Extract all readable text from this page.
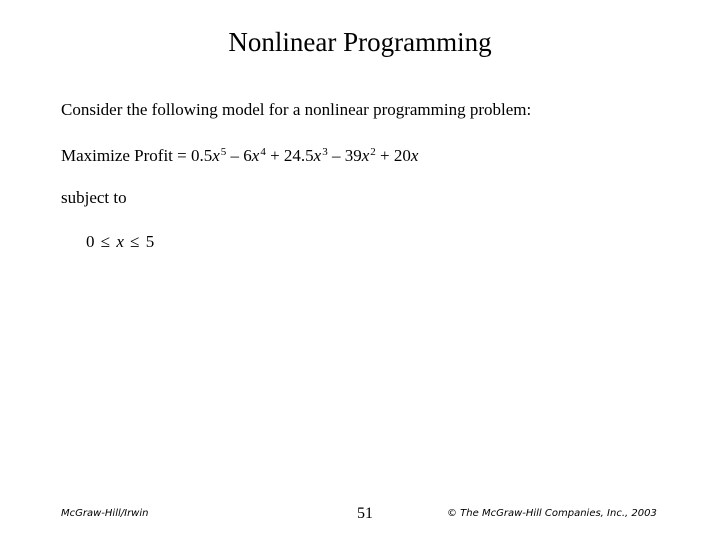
Nonlinear Programming
Consider the following model for a nonlinear programming problem:
Maximize Profit = $0.5x^5 - 6x^4 + 24.5x^3 - 39x^2 + 20x$
subject to
0 ≤ x ≤ 5
McGraw-Hill/Irwin	51	© The McGraw-Hill Companies, Inc., 2003
